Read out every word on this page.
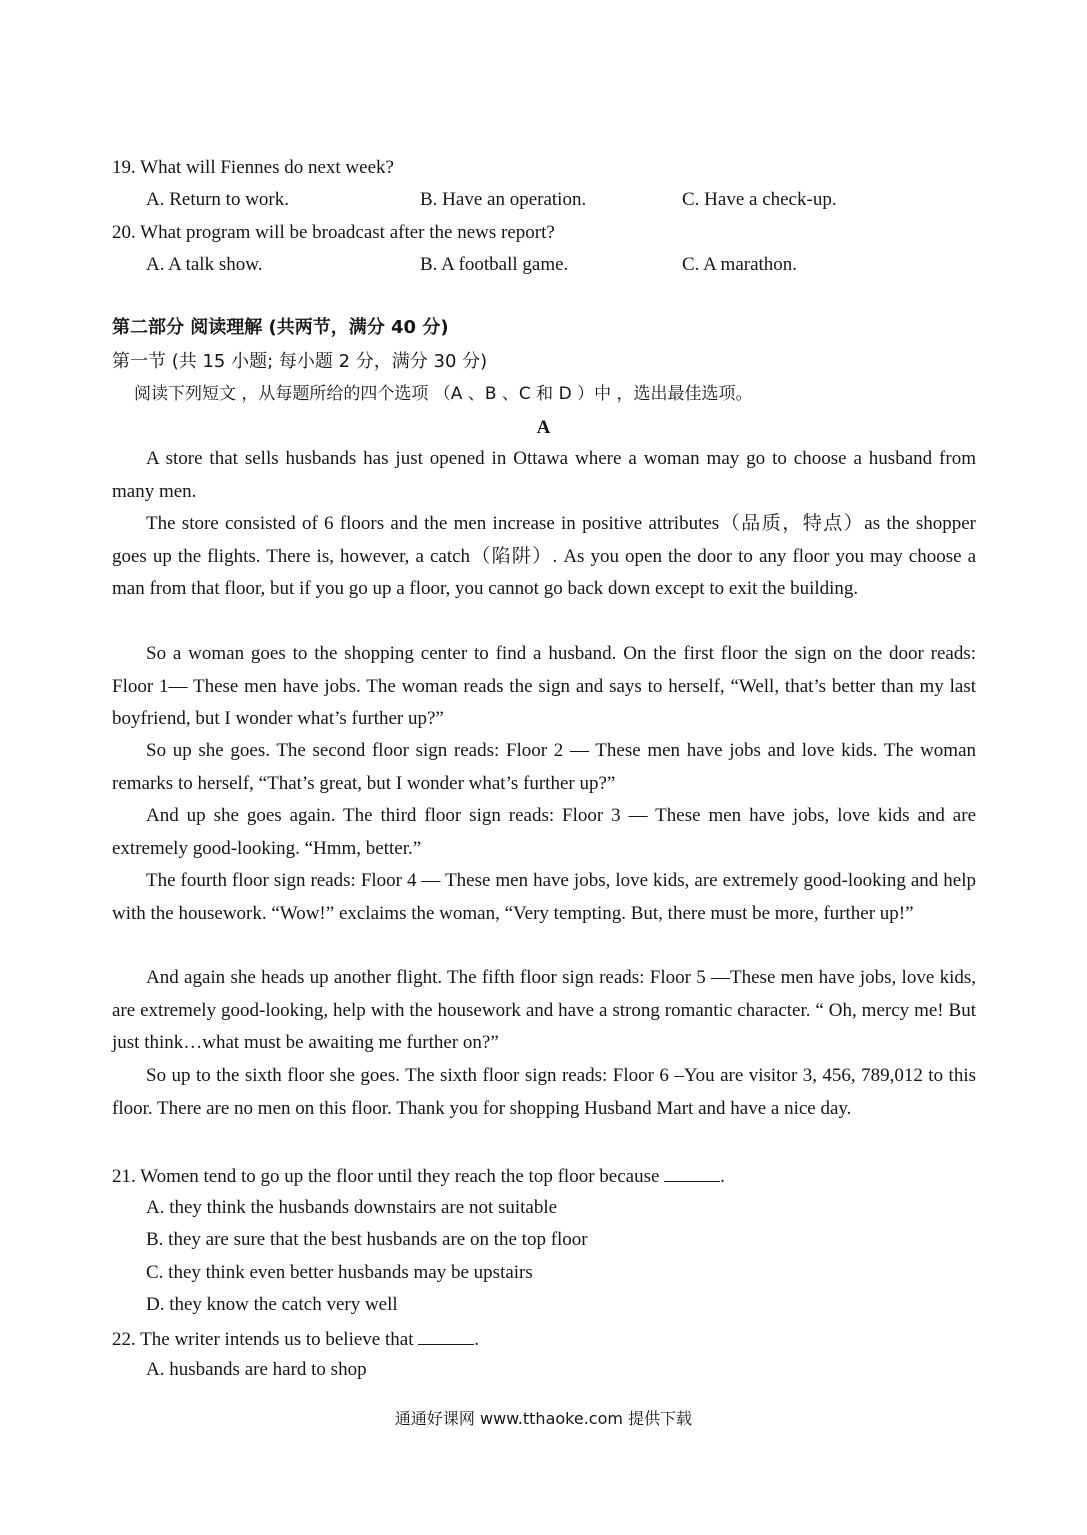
19. What will Fiennes do next week?
A. Return to work.	B. Have an operation.	C. Have a check-up.
20. What program will be broadcast after the news report?
A. A talk show.	B. A football game.	C. A marathon.
第二部分 阅读理解 (共两节，满分 40 分)
第一节 (共 15 小题; 每小题 2 分，满分 30 分)
阅读下列短文 ，从每题所给的四个选项 （A 、B 、C 和 D ）中 ，选出最佳选项。
A
A store that sells husbands has just opened in Ottawa where a woman may go to choose a husband from many men.
The store consisted of 6 floors and the men increase in positive attributes（品质，特点）as the shopper goes up the flights. There is, however, a catch（陷阱）. As you open the door to any floor you may choose a man from that floor, but if you go up a floor, you cannot go back down except to exit the building.
So a woman goes to the shopping center to find a husband. On the first floor the sign on the door reads: Floor 1— These men have jobs. The woman reads the sign and says to herself, “Well, that’s better than my last boyfriend, but I wonder what’s further up?”
So up she goes. The second floor sign reads: Floor 2 — These men have jobs and love kids. The woman remarks to herself, “That’s great, but I wonder what’s further up?”
And up she goes again. The third floor sign reads: Floor 3 — These men have jobs, love kids and are extremely good-looking. “Hmm, better.”
The fourth floor sign reads: Floor 4 — These men have jobs, love kids, are extremely good-looking and help with the housework. “Wow!” exclaims the woman, “Very tempting. But, there must be more, further up!”
And again she heads up another flight. The fifth floor sign reads: Floor 5 —These men have jobs, love kids, are extremely good-looking, help with the housework and have a strong romantic character. “ Oh, mercy me! But just think…what must be awaiting me further on?”
So up to the sixth floor she goes. The sixth floor sign reads: Floor 6 –You are visitor 3, 456, 789,012 to this floor. There are no men on this floor. Thank you for shopping Husband Mart and have a nice day.
21. Women tend to go up the floor until they reach the top floor because	.
A. they think the husbands downstairs are not suitable
B. they are sure that the best husbands are on the top floor
C. they think even better husbands may be upstairs
D. they know the catch very well
22. The writer intends us to believe that	.
A. husbands are hard to shop
通通好课网 www.tthaoke.com 提供下载
